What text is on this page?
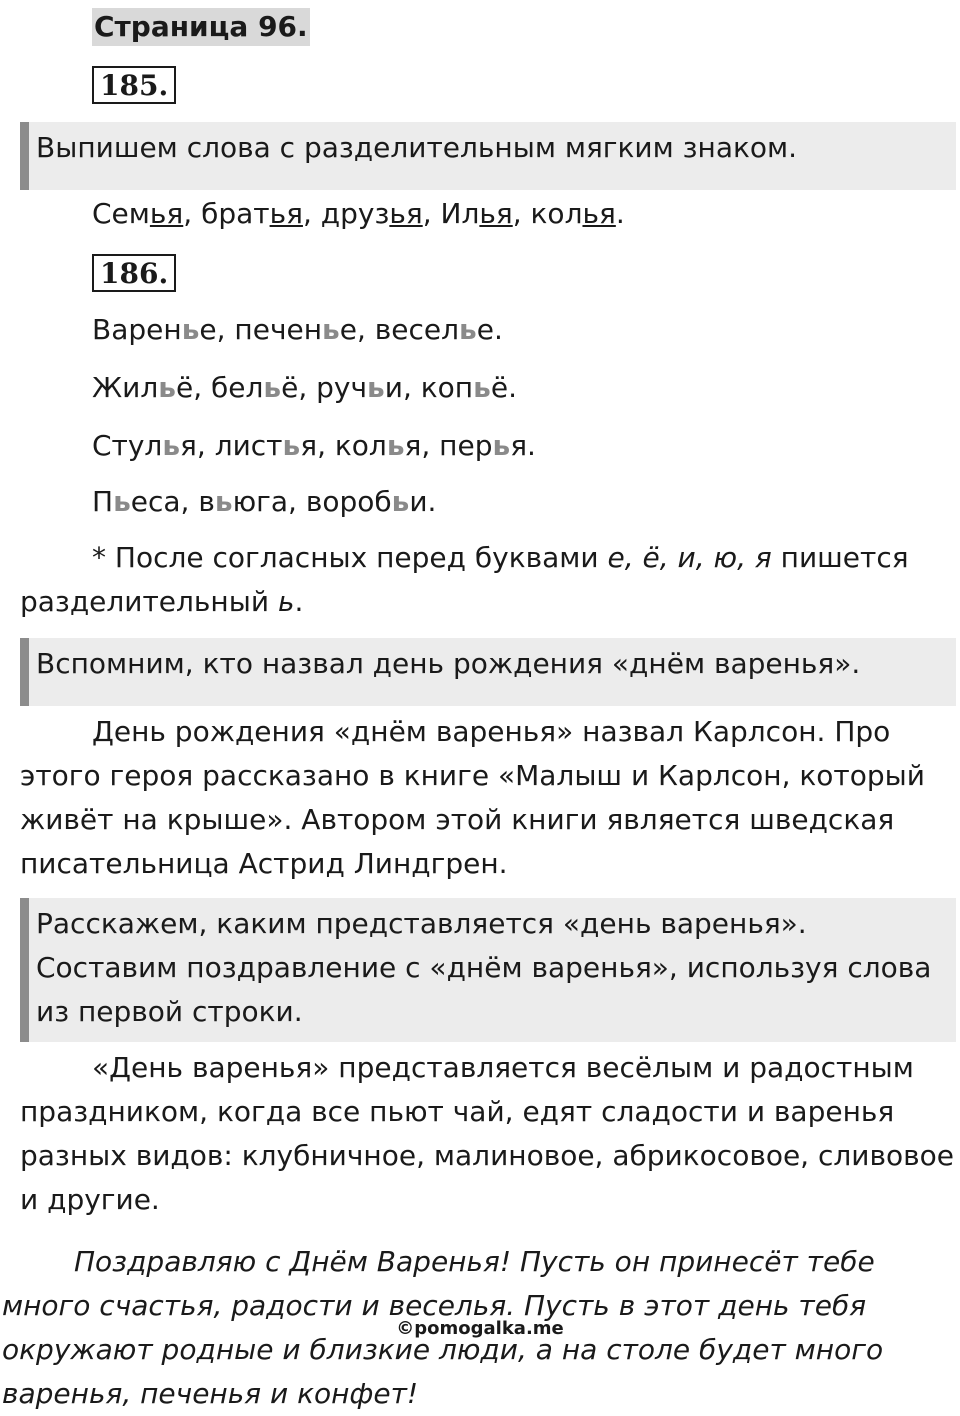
Страница 96.
185.
Выпишем слова с разделительным мягким знаком.
Семья, братья, друзья, Илья, колья.
186.
Варенье, печенье, веселье.
Жильё, бельё, ручьи, копьё.
Стулья, листья, колья, перья.
Пьеса, вьюга, воробьи.
* После согласных перед буквами е, ё, и, ю, я пишется разделительный ь.
Вспомним, кто назвал день рождения «днём варенья».
День рождения «днём варенья» назвал Карлсон. Про этого героя рассказано в книге «Малыш и Карлсон, который живёт на крыше». Автором этой книги является шведская писательница Астрид Линдгрен.
Расскажем, каким представляется «день варенья». Составим поздравление с «днём варенья», используя слова из первой строки.
«День варенья» представляется весёлым и радостным праздником, когда все пьют чай, едят сладости и варенья разных видов: клубничное, малиновое, абрикосовое, сливовое и другие.
Поздравляю с Днём Варенья! Пусть он принесёт тебе много счастья, радости и веселья. Пусть в этот день тебя окружают родные и близкие люди, а на столе будет много варенья, печенья и конфет!
©pomogalka.me
